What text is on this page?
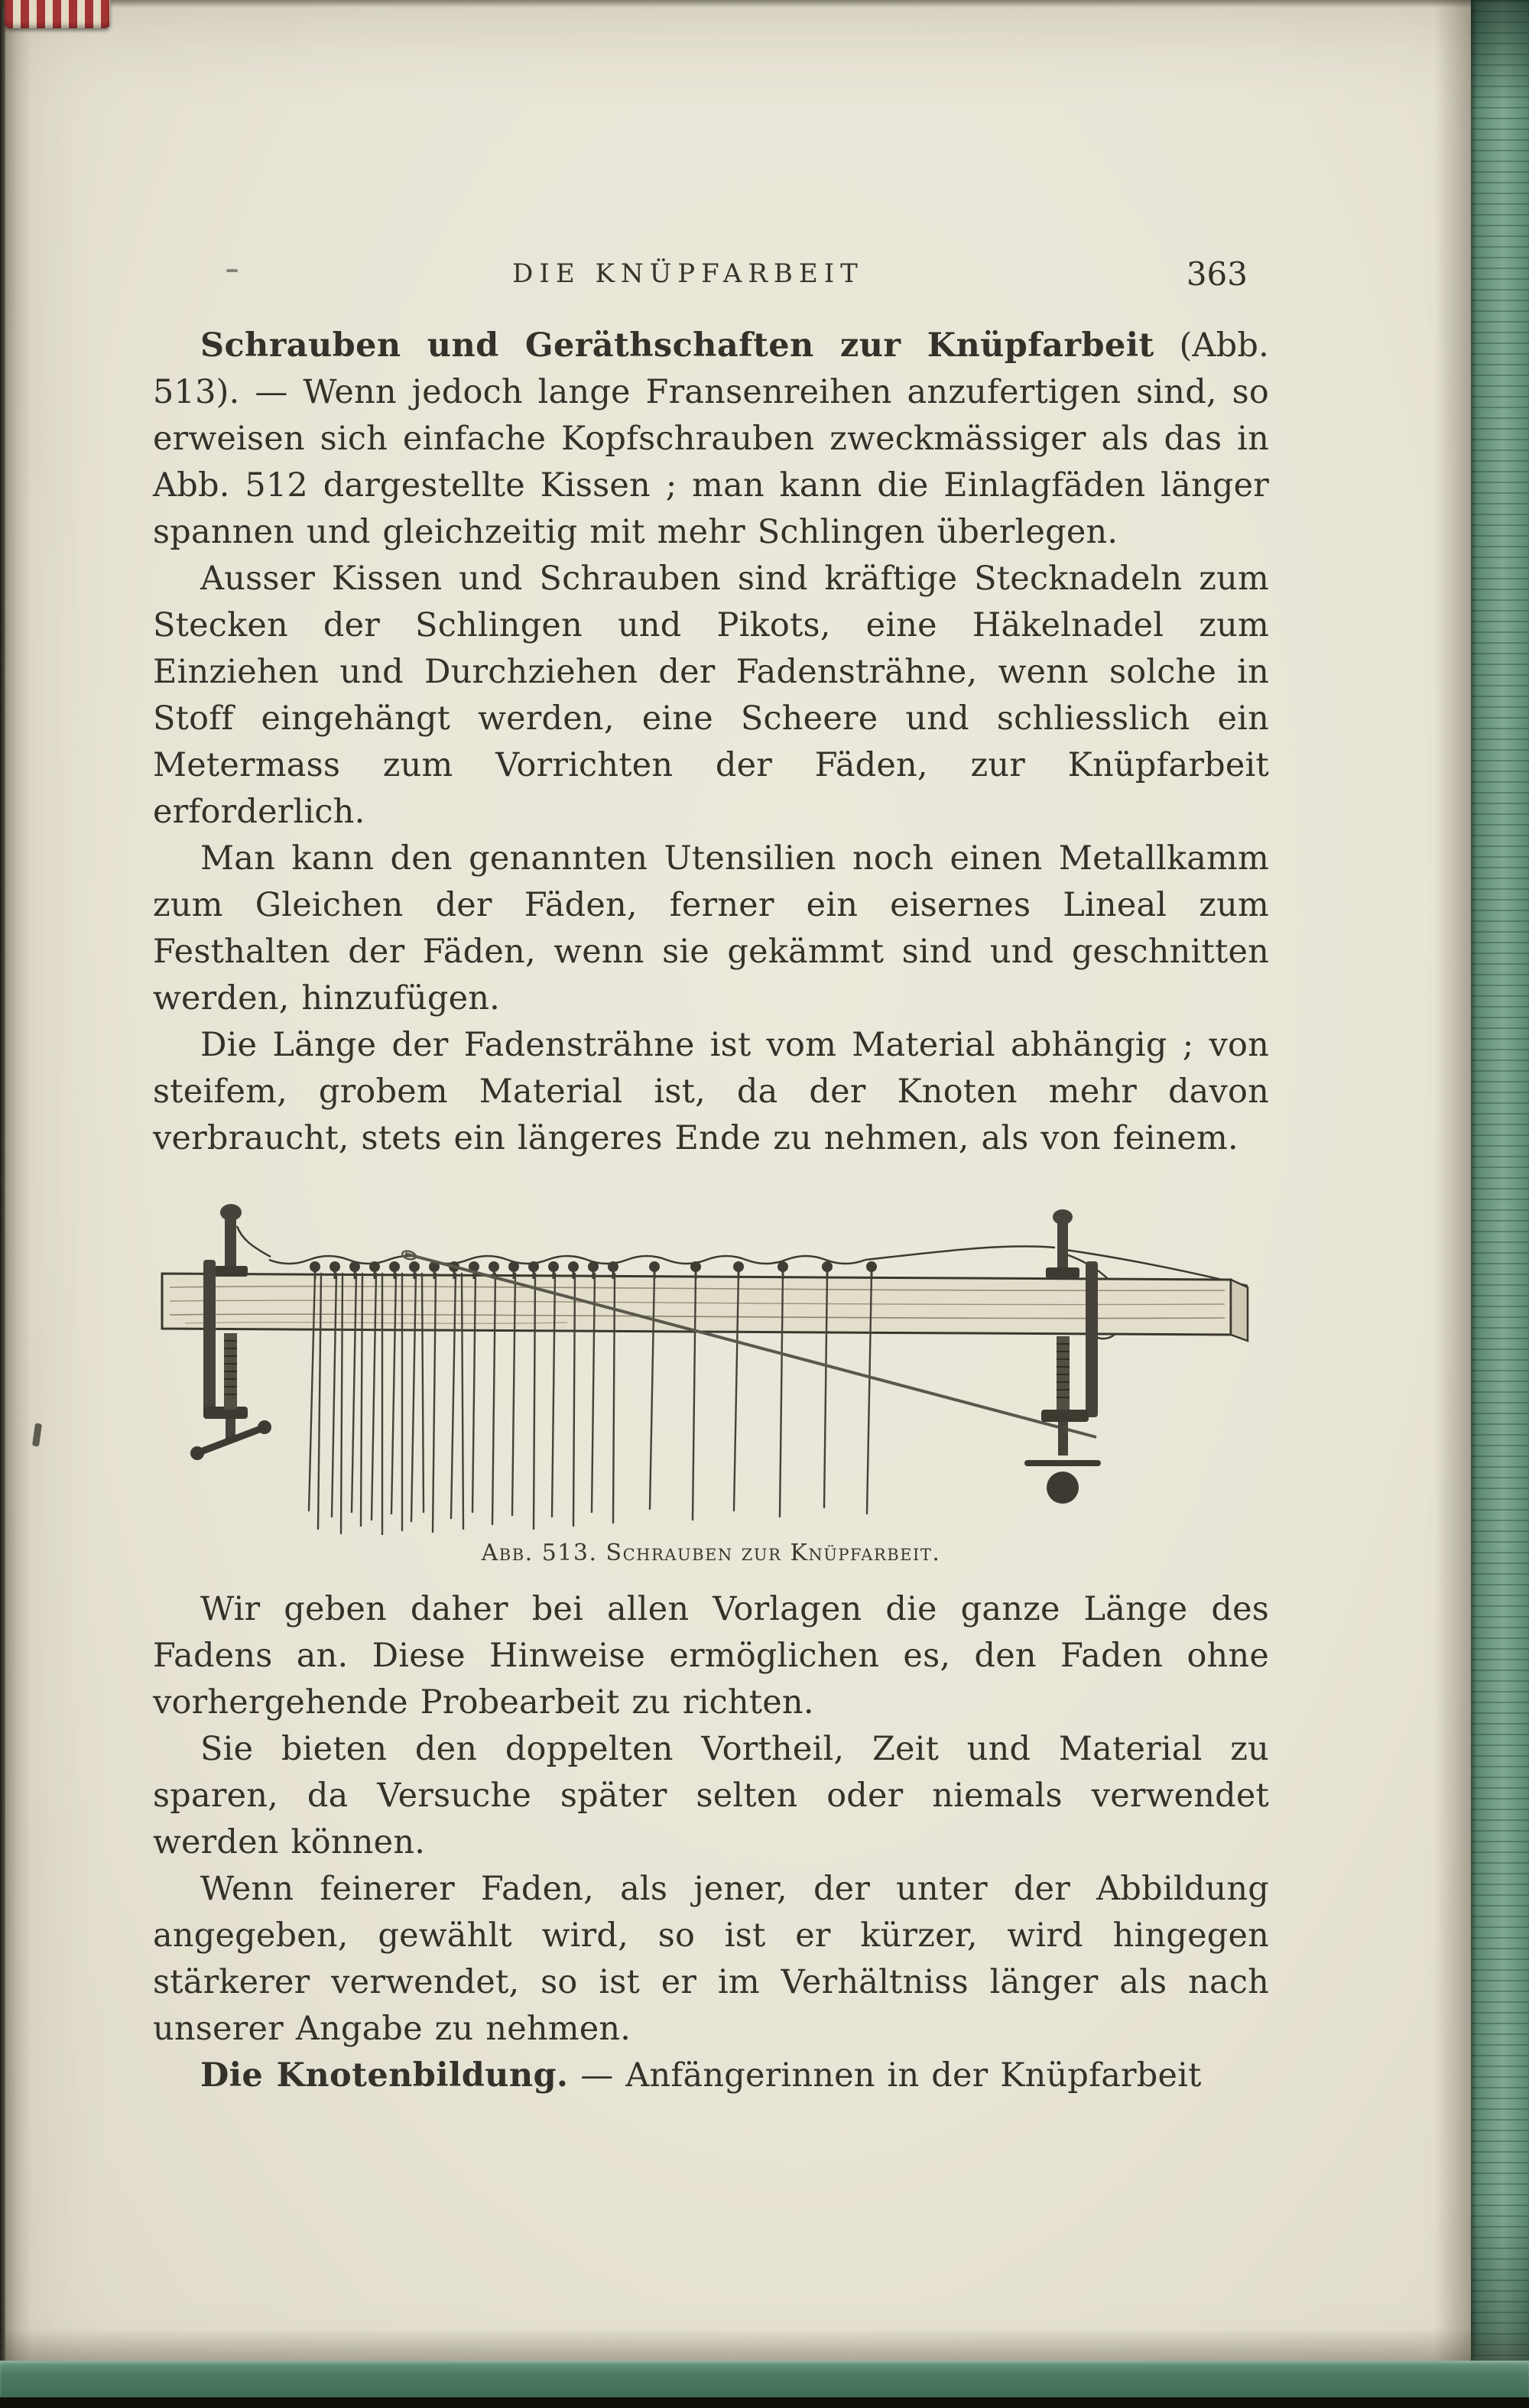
DIE KNÜPFARBEIT	363

Schrauben und Geräthschaften zur Knüpfarbeit (Abb. 513). — Wenn jedoch lange Fransenreihen anzufertigen sind, so erweisen sich einfache Kopfschrauben zweckmässiger als das in Abb. 512 dargestellte Kissen ; man kann die Einlagfäden länger spannen und gleichzeitig mit mehr Schlingen überlegen.

Ausser Kissen und Schrauben sind kräftige Stecknadeln zum Stecken der Schlingen und Pikots, eine Häkelnadel zum Einziehen und Durchziehen der Fadensträhne, wenn solche in Stoff eingehängt werden, eine Scheere und schliesslich ein Metermass zum Vorrichten der Fäden, zur Knüpfarbeit erforderlich.

Man kann den genannten Utensilien noch einen Metallkamm zum Gleichen der Fäden, ferner ein eisernes Lineal zum Festhalten der Fäden, wenn sie gekämmt sind und geschnitten werden, hinzufügen.

Die Länge der Fadensträhne ist vom Material abhängig ; von steifem, grobem Material ist, da der Knoten mehr davon verbraucht, stets ein längeres Ende zu nehmen, als von feinem.

Abb. 513. Schrauben zur Knüpfarbeit.

Wir geben daher bei allen Vorlagen die ganze Länge des Fadens an. Diese Hinweise ermöglichen es, den Faden ohne vorhergehende Probearbeit zu richten.

Sie bieten den doppelten Vortheil, Zeit und Material zu sparen, da Versuche später selten oder niemals verwendet werden können.

Wenn feinerer Faden, als jener, der unter der Abbildung angegeben, gewählt wird, so ist er kürzer, wird hingegen stärkerer verwendet, so ist er im Verhältniss länger als nach unserer Angabe zu nehmen.

Die Knotenbildung. — Anfängerinnen in der Knüpfarbeit
